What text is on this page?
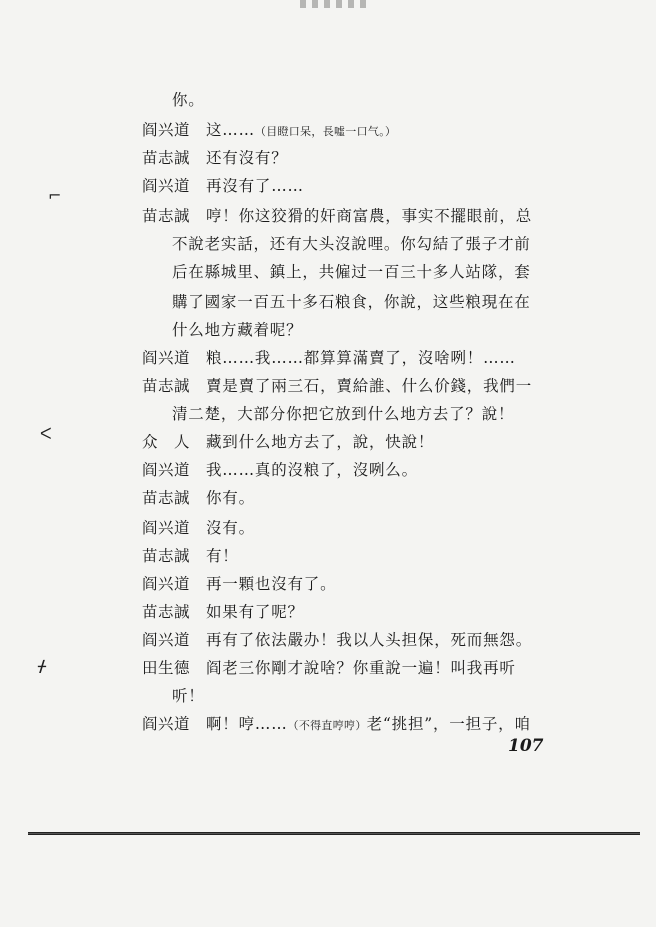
⌐
ᐸ
ᚋ
你。
阎兴道 这……（目瞪口呆，長噓一口气。）
苗志誠 还有沒有？
阎兴道 再沒有了……
苗志誠 哼！你这狡猾的奸商富農，事实不擺眼前，总
不說老实話，还有大头沒說哩。你勾結了張子才前
后在縣城里、鎮上，共僱过一百三十多人站隊，套
購了國家一百五十多石粮食，你說，这些粮現在在
什么地方藏着呢？
阎兴道 粮……我……都算算滿賣了，沒啥咧！……
苗志誠 賣是賣了兩三石，賣給誰、什么价錢，我們一
清二楚，大部分你把它放到什么地方去了？說！
众　人 藏到什么地方去了，說，快說！
阎兴道 我……真的沒粮了，沒咧么。
苗志誠 你有。
阎兴道 沒有。
苗志誠 有！
阎兴道 再一顆也沒有了。
苗志誠 如果有了呢？
阎兴道 再有了依法嚴办！我以人头担保，死而無怨。
田生德 阎老三你剛才說啥？你重說一遍！叫我再听
听！
阎兴道 啊！哼……（不得直哼哼）老“挑担”，一担子，咱
107
